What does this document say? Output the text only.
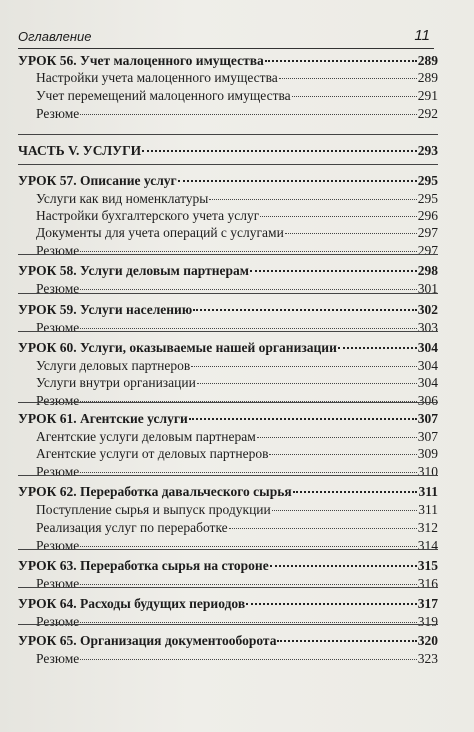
Оглавление	11
УРОК 56. Учет малоценного имущества	289
Настройки учета малоценного имущества	289
Учет перемещений малоценного имущества	291
Резюме	292
ЧАСТЬ V. УСЛУГИ	293
УРОК 57. Описание услуг	295
Услуги как вид номенклатуры	295
Настройки бухгалтерского учета услуг	296
Документы для учета операций с услугами	297
Резюме	297
УРОК 58. Услуги деловым партнерам	298
Резюме	301
УРОК 59. Услуги населению	302
Резюме	303
УРОК 60. Услуги, оказываемые нашей организации	304
Услуги деловых партнеров	304
Услуги внутри организации	304
Резюме	306
УРОК 61. Агентские услуги	307
Агентские услуги деловым партнерам	307
Агентские услуги от деловых партнеров	309
Резюме	310
УРОК 62. Переработка давальческого сырья	311
Поступление сырья и выпуск продукции	311
Реализация услуг по переработке	312
Резюме	314
УРОК 63. Переработка сырья на стороне	315
Резюме	316
УРОК 64. Расходы будущих периодов	317
Резюме	319
УРОК 65. Организация документооборота	320
Резюме	323
